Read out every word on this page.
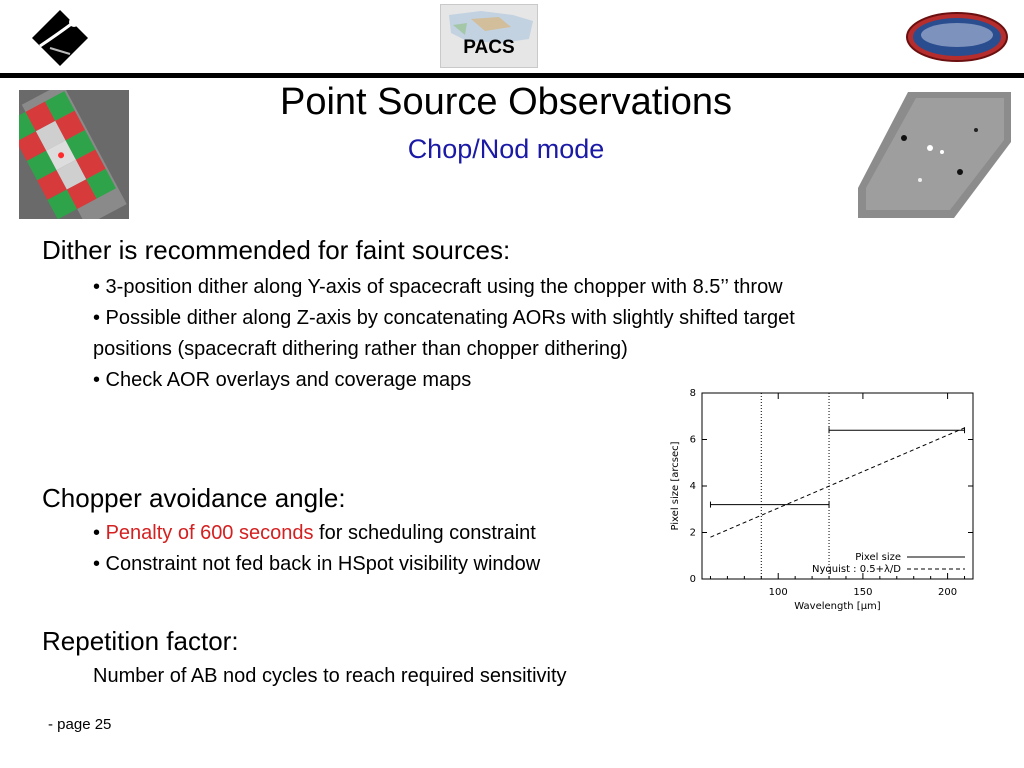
PACS
Point Source Observations
Chop/Nod mode
Dither is recommended for faint sources:
• 3-position dither along Y-axis of spacecraft using the chopper with 8.5’’ throw
• Possible dither along Z-axis by concatenating AORs with slightly shifted target
positions (spacecraft dithering rather than chopper dithering)
• Check AOR overlays and coverage maps
Chopper avoidance angle:
• Penalty of 600 seconds for scheduling constraint
• Constraint not fed back in HSpot visibility window
Repetition factor:
Number of AB nod cycles to reach required sensitivity
- page 25
0
2
4
6
8
100	150	200
Pixel size
Nyquist : 0.5+λ/D
Wavelength [μm]
Pixel size [arcsec]
